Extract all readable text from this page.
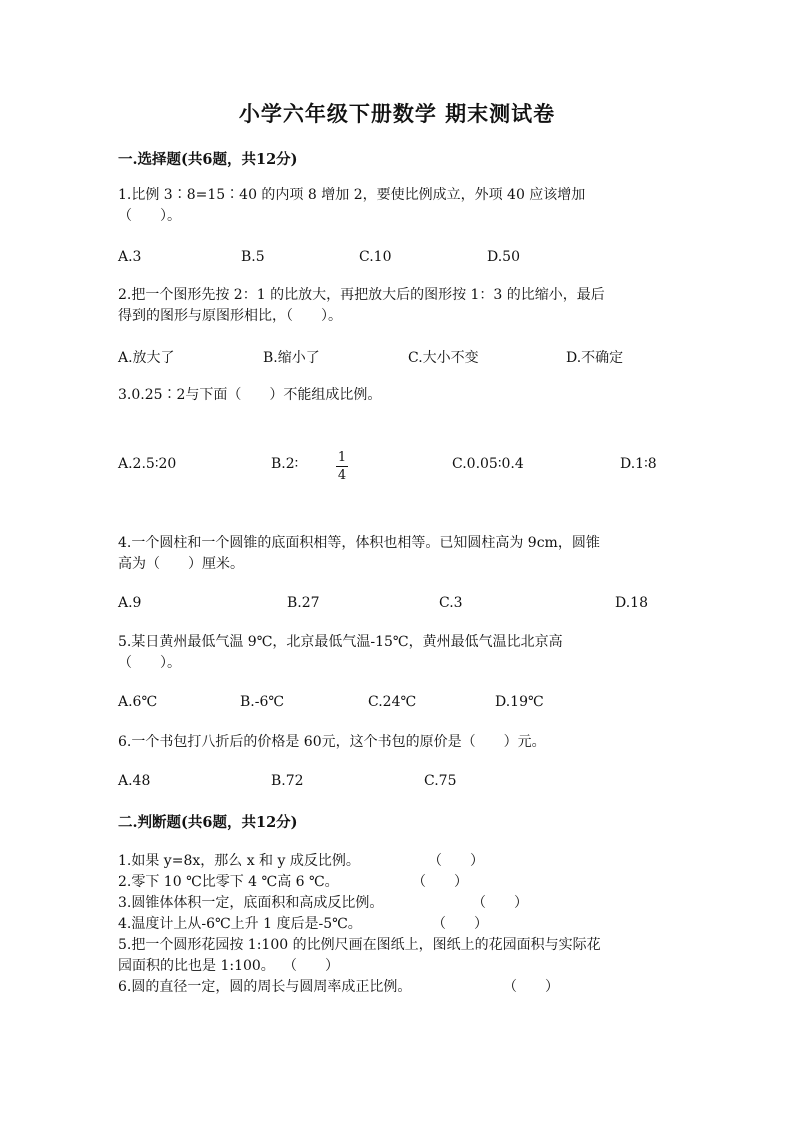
小学六年级下册数学 期末测试卷
一.选择题(共6题，共12分)
1.比例 3∶8=15∶40 的内项 8 增加 2，要使比例成立，外项 40 应该增加
（　　）。
A.3	B.5	C.10	D.50
2.把一个图形先按 2：1 的比放大，再把放大后的图形按 1：3 的比缩小，最后
得到的图形与原图形相比，（　　）。
A.放大了	B.缩小了	C.大小不变	D.不确定
3.0.25∶2与下面（　　）不能组成比例。
A.2.5∶20	B.2∶	1
4
C.0.05∶0.4	D.1∶8
4.一个圆柱和一个圆锥的底面积相等，体积也相等。已知圆柱高为 9cm，圆锥
高为（　　）厘米。
A.9	B.27	C.3	D.18
5.某日黄州最低气温 9℃，北京最低气温-15℃，黄州最低气温比北京高
（　　）。
A.6℃	B.-6℃	C.24℃	D.19℃
6.一个书包打八折后的价格是 60元，这个书包的原价是（　　）元。
A.48	B.72	C.75
二.判断题(共6题，共12分)
1.如果 y=8x，那么 x 和 y 成反比例。	（　　）
2.零下 10 ℃比零下 4 ℃高 6 ℃。	（　　）
3.圆锥体体积一定，底面积和高成反比例。	（　　）
4.温度计上从-6℃上升 1 度后是-5℃。	（　　）
5.把一个圆形花园按 1:100 的比例尺画在图纸上，图纸上的花园面积与实际花
园面积的比也是 1:100。 （　　）
6.圆的直径一定，圆的周长与圆周率成正比例。	（　　）
